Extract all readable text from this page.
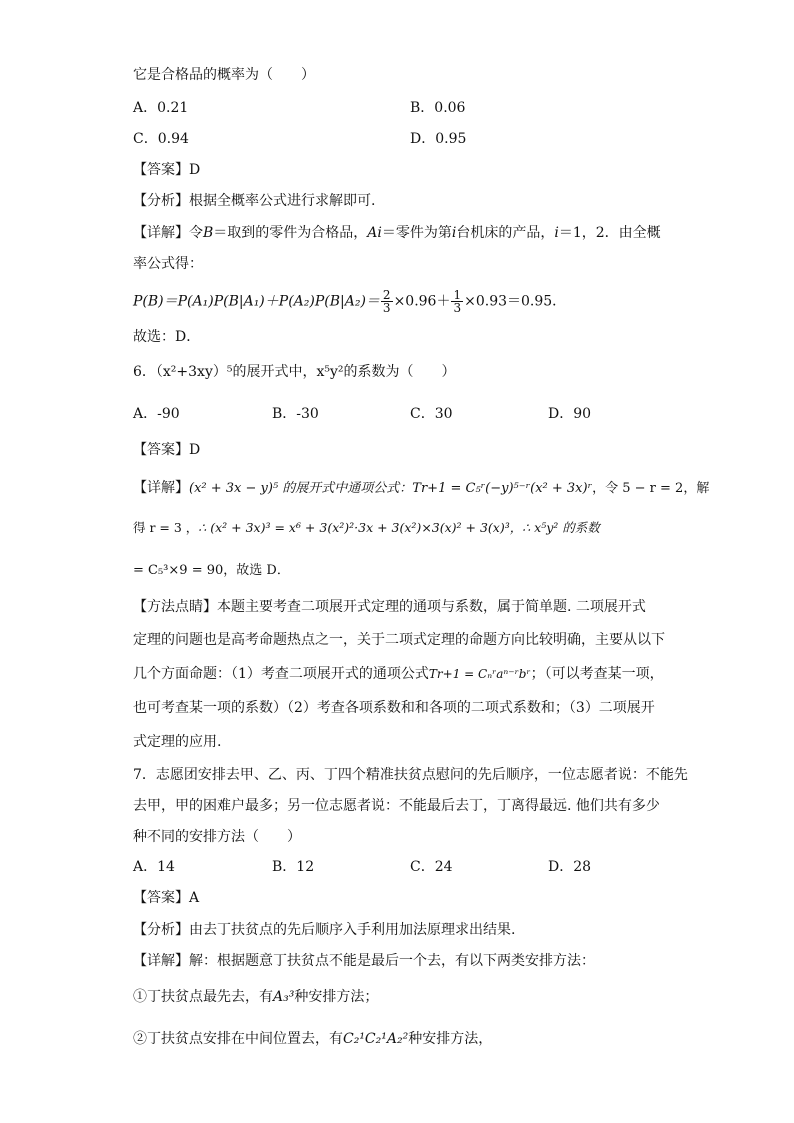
它是合格品的概率为（　　）
A．0.21	B．0.06
C．0.94	D．0.95
【答案】D
【分析】根据全概率公式进行求解即可.
【详解】令B＝取到的零件为合格品，Ai＝零件为第i台机床的产品，i＝1，2．由全概
率公式得：
$P(B)=P(A_1)P(B|A_1)+P(A_2)P(B|A_2)= \frac{2}{3} \times 0.96+ \frac{1}{3} \times 0.93=0.95$．
故选：D．
6．（x²+3xy）⁵的展开式中，x⁵y²的系数为（　　）
A．-90	B．-30	C．30	D．90
【答案】D
【详解】(x² + 3x − y)⁵ 的展开式中通项公式：Tr+1 = C₅ʳ(−y)⁵⁻ʳ(x² + 3x)ʳ，令 5 − r = 2，解
得 r = 3 ，∴ (x² + 3x)³ = x⁶ + 3(x²)²·3x + 3(x²)×3(x)² + 3(x)³，∴ x⁵y² 的系数
= C₅³×9 = 90，故选 D．
【方法点睛】本题主要考查二项展开式定理的通项与系数，属于简单题. 二项展开式
定理的问题也是高考命题热点之一，关于二项式定理的命题方向比较明确，主要从以下
几个方面命题：（1）考查二项展开式的通项公式Tr+1 = Cₙʳaⁿ⁻ʳbʳ；（可以考查某一项，
也可考查某一项的系数）（2）考查各项系数和和各项的二项式系数和；（3）二项展开
式定理的应用.
7．志愿团安排去甲、乙、丙、丁四个精准扶贫点慰问的先后顺序，一位志愿者说：不能先
去甲，甲的困难户最多；另一位志愿者说：不能最后去丁，丁离得最远. 他们共有多少
种不同的安排方法（　　）
A．14	B．12	C．24	D．28
【答案】A
【分析】由去丁扶贫点的先后顺序入手利用加法原理求出结果.
【详解】解：根据题意丁扶贫点不能是最后一个去，有以下两类安排方法：
①丁扶贫点最先去，有A₃³种安排方法；
②丁扶贫点安排在中间位置去，有C₂¹C₂¹A₂²种安排方法，
